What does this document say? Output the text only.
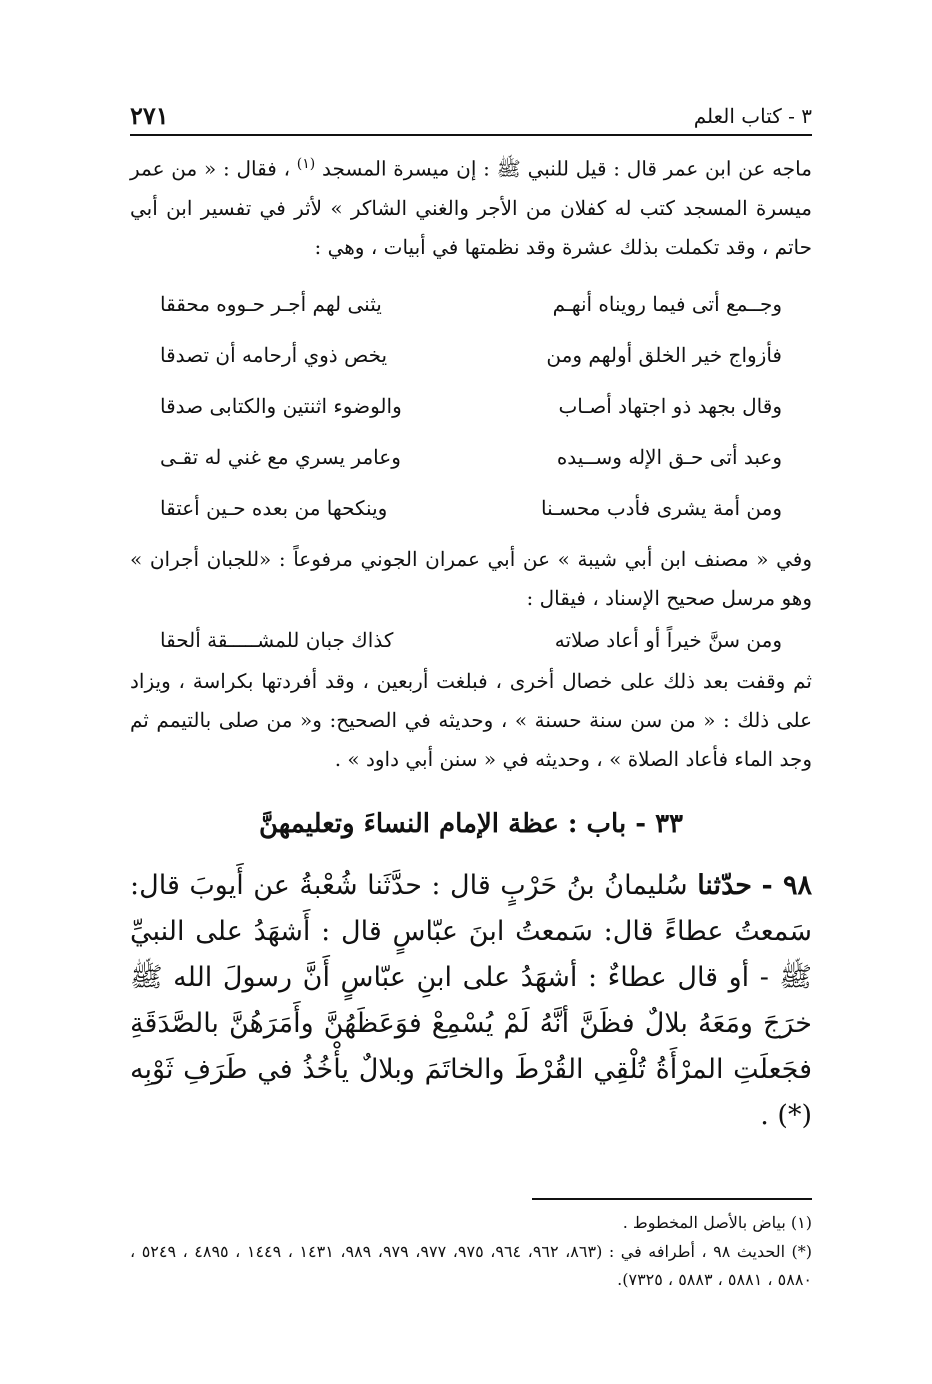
٣ - كتاب العلم
٢٧١

ماجه عن ابن عمر قال : قيل للنبي ﷺ : إن ميسرة المسجد $^{(١)}$ ، فقال : « من عمر ميسرة المسجد كتب له كفلان من الأجر والغني الشاكر » لأثر في تفسير ابن أبي حاتم ، وقد تكملت بذلك عشرة وقد نظمتها في أبيات ، وهي :

وجــمع أتى فيما رويناه أنهـم
يثنى لهم أجـر حـووه محققا
فأزواج خير الخلق أولهم ومن
يخص ذوي أرحامه أن تصدقا
وقال بجهد ذو اجتهاد أصـاب
والوضوء اثنتين والكتابى صدقا
وعبد أتى حـق الإله وســيده
وعامر يسري مع غني له تقـى
ومن أمة يشرى فأدب محسـنا
وينكحها من بعده حـين أعتقا

وفي « مصنف ابن أبي شيبة » عن أبي عمران الجوني مرفوعاً : «للجبان أجران » وهو مرسل صحيح الإسناد ، فيقال :

ومن سنَّ خيراً أو أعاد صلاته
كذاك جبان للمشـــــقة ألحقا

ثم وقفت بعد ذلك على خصال أخرى ، فبلغت أربعين ، وقد أفردتها بكراسة ، ويزاد على ذلك : « من سن سنة حسنة » ، وحديثه في الصحيح: و« من صلى بالتيمم ثم وجد الماء فأعاد الصلاة » ، وحديثه في « سنن أبي داود » .

٣٣ - باب : عظة الإمام النساءَ وتعليمهنَّ

٩٨ - حدّثنا سُليمانُ بنُ حَرْبٍ قال : حدَّثَنا شُعْبةُ عن أَيوبَ قال: سَمعتُ عطاءً قال: سَمعتُ ابنَ عبّاسٍ قال : أَشهَدُ على النبيِّ ﷺ - أو قال عطاءٌ : أشهَدُ على ابنِ عبّاسٍ أَنَّ رسولَ الله ﷺ خرَجَ ومَعَهُ بلالٌ فظَنَّ أنَّهُ لَمْ يُسْمِعْ فوَعَظَهُنَّ وأَمَرَهُنَّ بالصَّدَقَةِ فجَعلَتِ المرْأَةُ تُلْقِي القُرْطَ والخاتَمَ وبلالٌ يأْخُذُ في طَرَفِ ثَوْبِه (*) .

(١) بياض بالأصل المخطوط .

(*) الحديث ٩٨ ، أطرافه في : (٨٦٣، ٩٦٢، ٩٦٤، ٩٧٥، ٩٧٧، ٩٧٩، ٩٨٩، ١٤٣١ ، ١٤٤٩ ، ٤٨٩٥ ، ٥٢٤٩ ، ٥٨٨٠ ، ٥٨٨١ ، ٥٨٨٣ ، ٧٣٢٥).
